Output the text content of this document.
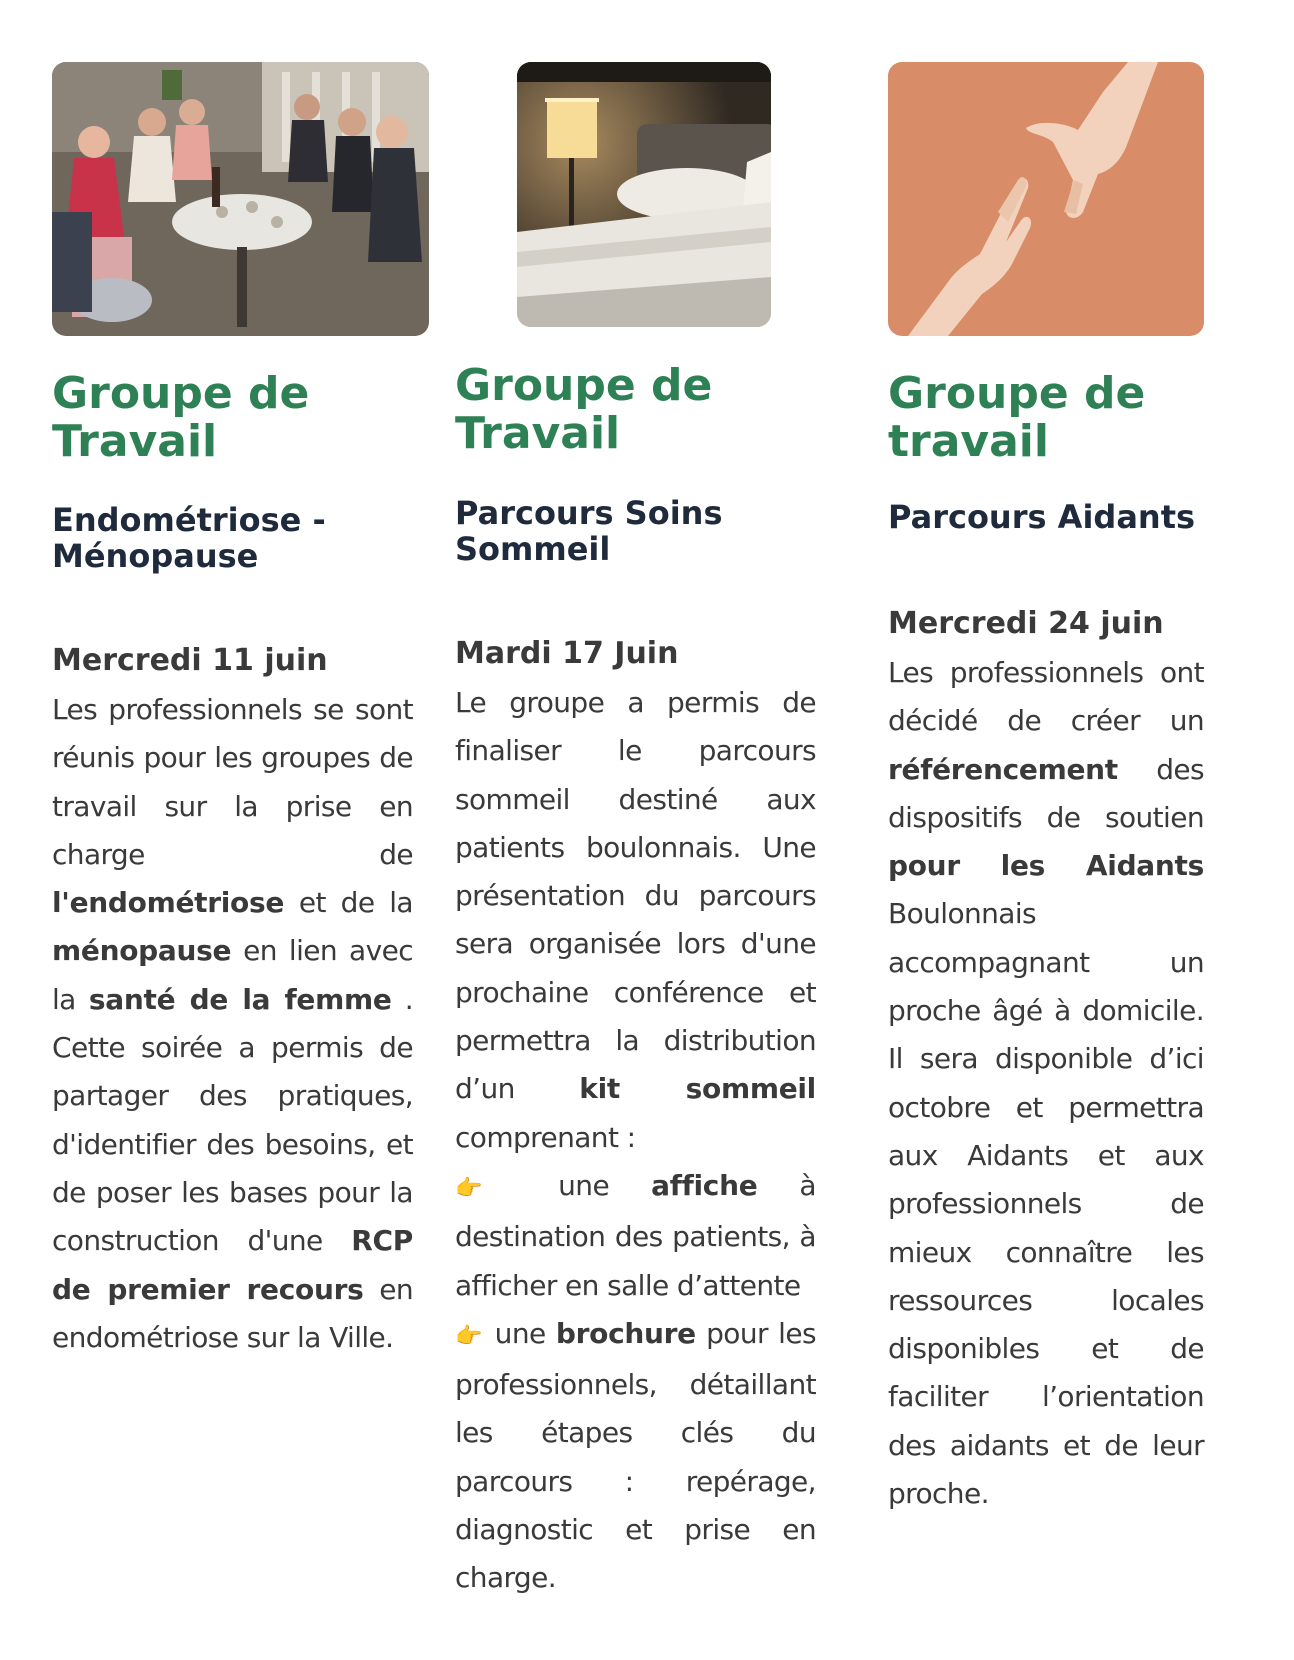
Groupe de Travail
Endométriose - Ménopause

Mercredi 11 juin

Les professionnels se sont réunis pour les groupes de travail sur la prise en charge de l'endométriose et de la ménopause en lien avec la santé de la femme . Cette soirée a permis de partager des pratiques, d'identifier des besoins, et de poser les bases pour la construction d'une RCP de premier recours en endométriose sur la Ville.

Groupe de Travail
Parcours Soins Sommeil

Mardi 17 Juin

Le groupe a permis de finaliser le parcours sommeil destiné aux patients boulonnais. Une présentation du parcours sera organisée lors d'une prochaine conférence et permettra la distribution d’un kit sommeil comprenant :
👉 une affiche à destination des patients, à afficher en salle d’attente
👉 une brochure pour les professionnels, détaillant les étapes clés du parcours : repérage, diagnostic et prise en charge.

Groupe de travail
Parcours Aidants

Mercredi 24 juin

Les professionnels ont décidé de créer un référencement des dispositifs de soutien pour les Aidants Boulonnais accompagnant un proche âgé à domicile. Il sera disponible d’ici octobre et permettra aux Aidants et aux professionnels de mieux connaître les ressources locales disponibles et de faciliter l’orientation des aidants et de leur proche.
